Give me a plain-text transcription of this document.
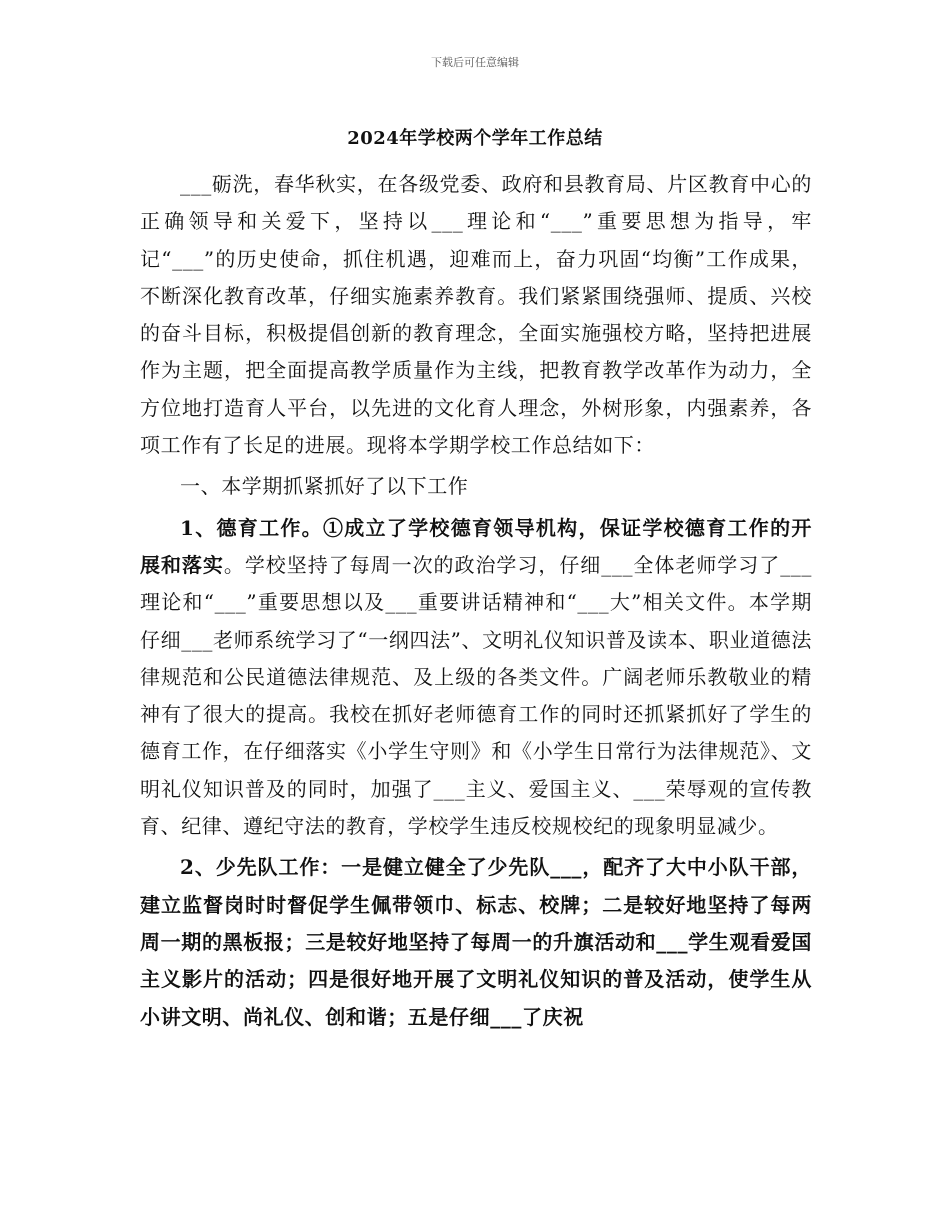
下载后可任意编辑
2024年学校两个学年工作总结

___砺洗，春华秋实，在各级党委、政府和县教育局、片区教育中心的正确领导和关爱下，坚持以___理论和“___”重要思想为指导，牢记“___”的历史使命，抓住机遇，迎难而上，奋力巩固“均衡”工作成果，不断深化教育改革，仔细实施素养教育。我们紧紧围绕强师、提质、兴校的奋斗目标，积极提倡创新的教育理念，全面实施强校方略，坚持把进展作为主题，把全面提高教学质量作为主线，把教育教学改革作为动力，全方位地打造育人平台，以先进的文化育人理念，外树形象，内强素养，各项工作有了长足的进展。现将本学期学校工作总结如下：

一、本学期抓紧抓好了以下工作

1、德育工作。①成立了学校德育领导机构，保证学校德育工作的开展和落实。学校坚持了每周一次的政治学习，仔细___全体老师学习了___理论和“___”重要思想以及___重要讲话精神和“___大”相关文件。本学期仔细___老师系统学习了“一纲四法”、文明礼仪知识普及读本、职业道德法律规范和公民道德法律规范、及上级的各类文件。广阔老师乐教敬业的精神有了很大的提高。我校在抓好老师德育工作的同时还抓紧抓好了学生的德育工作，在仔细落实《小学生守则》和《小学生日常行为法律规范》、文明礼仪知识普及的同时，加强了___主义、爱国主义、___荣辱观的宣传教育、纪律、遵纪守法的教育，学校学生违反校规校纪的现象明显减少。

2、少先队工作：一是健立健全了少先队___，配齐了大中小队干部，建立监督岗时时督促学生佩带领巾、标志、校牌；二是较好地坚持了每两周一期的黑板报；三是较好地坚持了每周一的升旗活动和___学生观看爱国主义影片的活动；四是很好地开展了文明礼仪知识的普及活动，使学生从小讲文明、尚礼仪、创和谐；五是仔细___了庆祝
